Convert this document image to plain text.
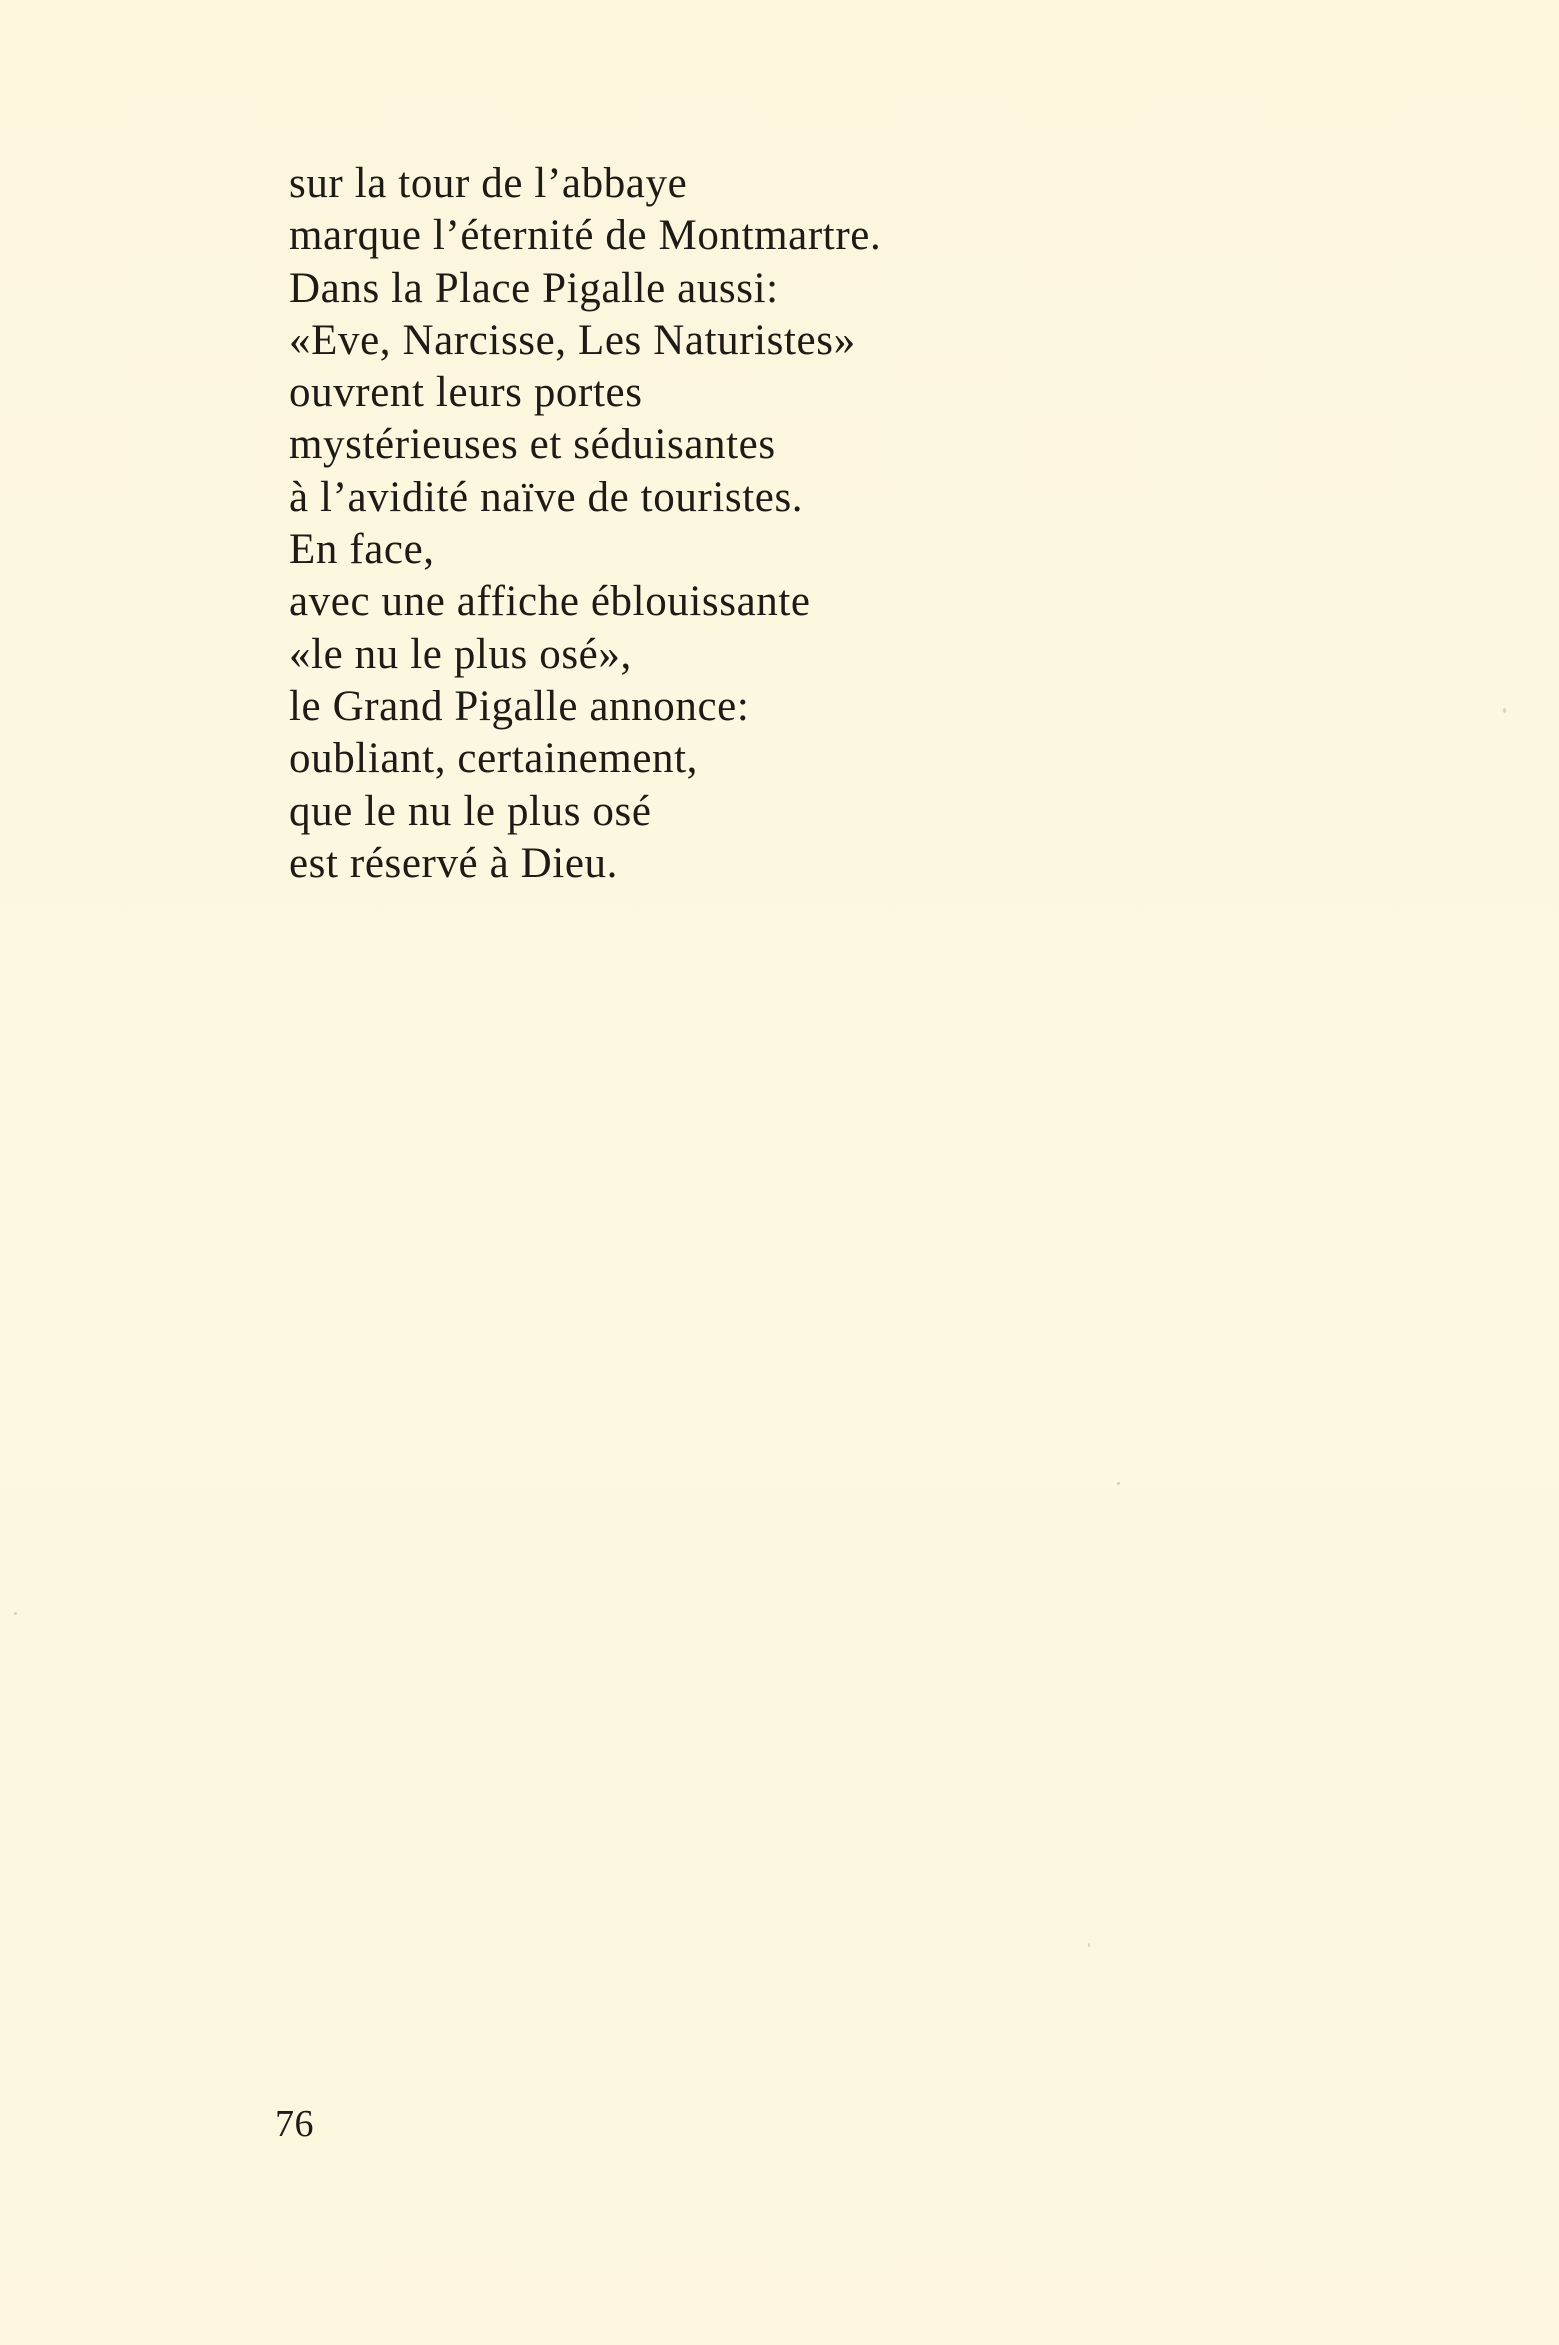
sur la tour de l’abbaye
marque l’éternité de Montmartre.
Dans la Place Pigalle aussi:
«Eve, Narcisse, Les Naturistes»
ouvrent leurs portes
mystérieuses et séduisantes
à l’avidité naïve de touristes.
En face,
avec une affiche éblouissante
«le nu le plus osé»,
le Grand Pigalle annonce:
oubliant, certainement,
que le nu le plus osé
est réservé à Dieu.
76
